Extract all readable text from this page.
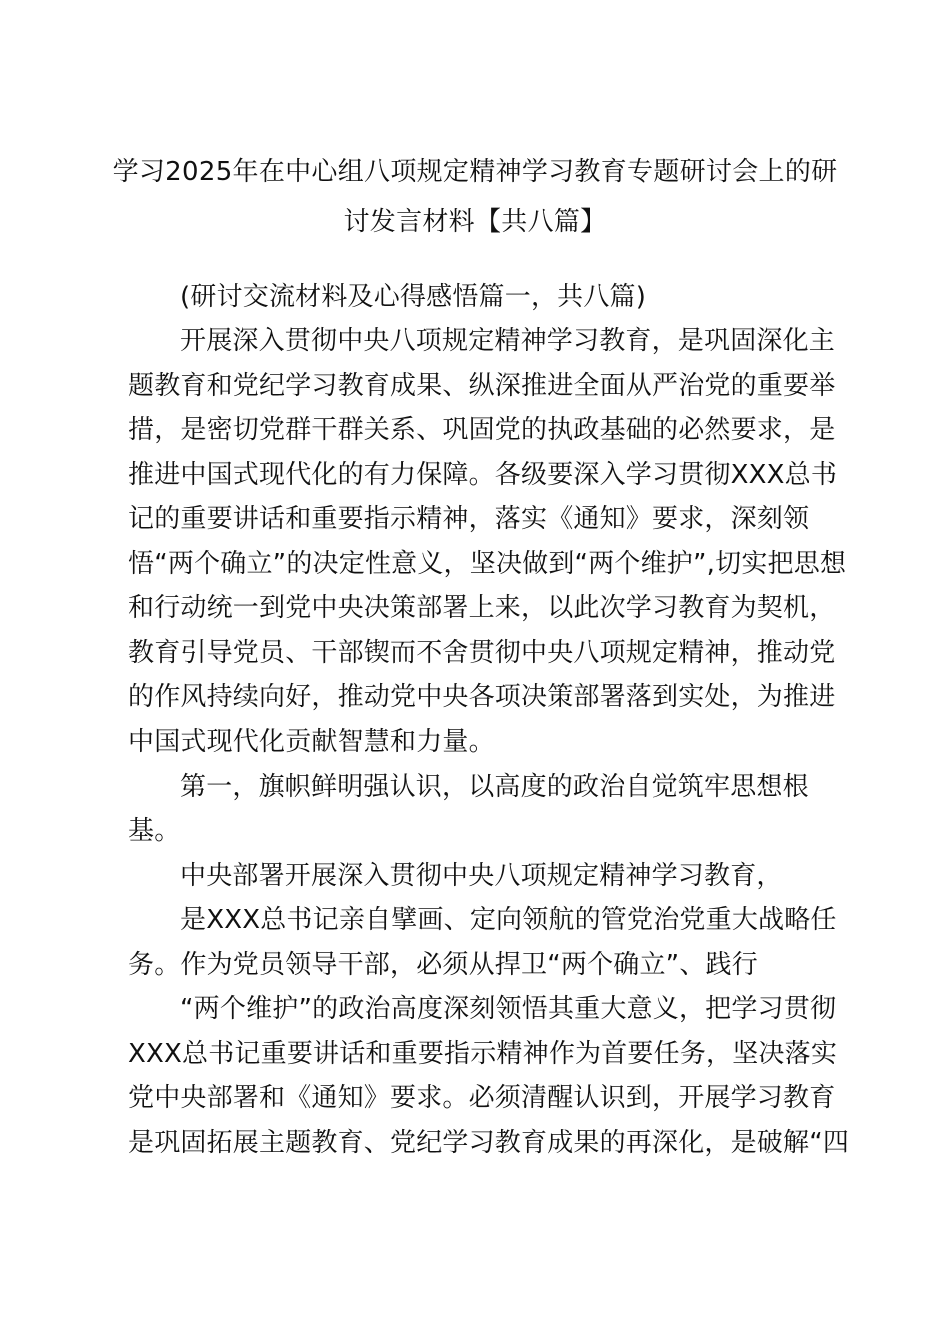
学习2025年在中心组八项规定精神学习教育专题研讨会上的研
讨发言材料【共八篇】
(研讨交流材料及心得感悟篇一，共八篇)
开展深入贯彻中央八项规定精神学习教育，是巩固深化主
题教育和党纪学习教育成果、纵深推进全面从严治党的重要举
措，是密切党群干群关系、巩固党的执政基础的必然要求，是
推进中国式现代化的有力保障。各级要深入学习贯彻XXX总书
记的重要讲话和重要指示精神，落实《通知》要求，深刻领
悟“两个确立”的决定性意义，坚决做到“两个维护”,切实把思想
和行动统一到党中央决策部署上来，以此次学习教育为契机，
教育引导党员、干部锲而不舍贯彻中央八项规定精神，推动党
的作风持续向好，推动党中央各项决策部署落到实处，为推进
中国式现代化贡献智慧和力量。
第一，旗帜鲜明强认识，以高度的政治自觉筑牢思想根
基。
中央部署开展深入贯彻中央八项规定精神学习教育，
是XXX总书记亲自擘画、定向领航的管党治党重大战略任
务。作为党员领导干部，必须从捍卫“两个确立”、践行
“两个维护”的政治高度深刻领悟其重大意义，把学习贯彻
XXX总书记重要讲话和重要指示精神作为首要任务，坚决落实
党中央部署和《通知》要求。必须清醒认识到，开展学习教育
是巩固拓展主题教育、党纪学习教育成果的再深化，是破解“四
